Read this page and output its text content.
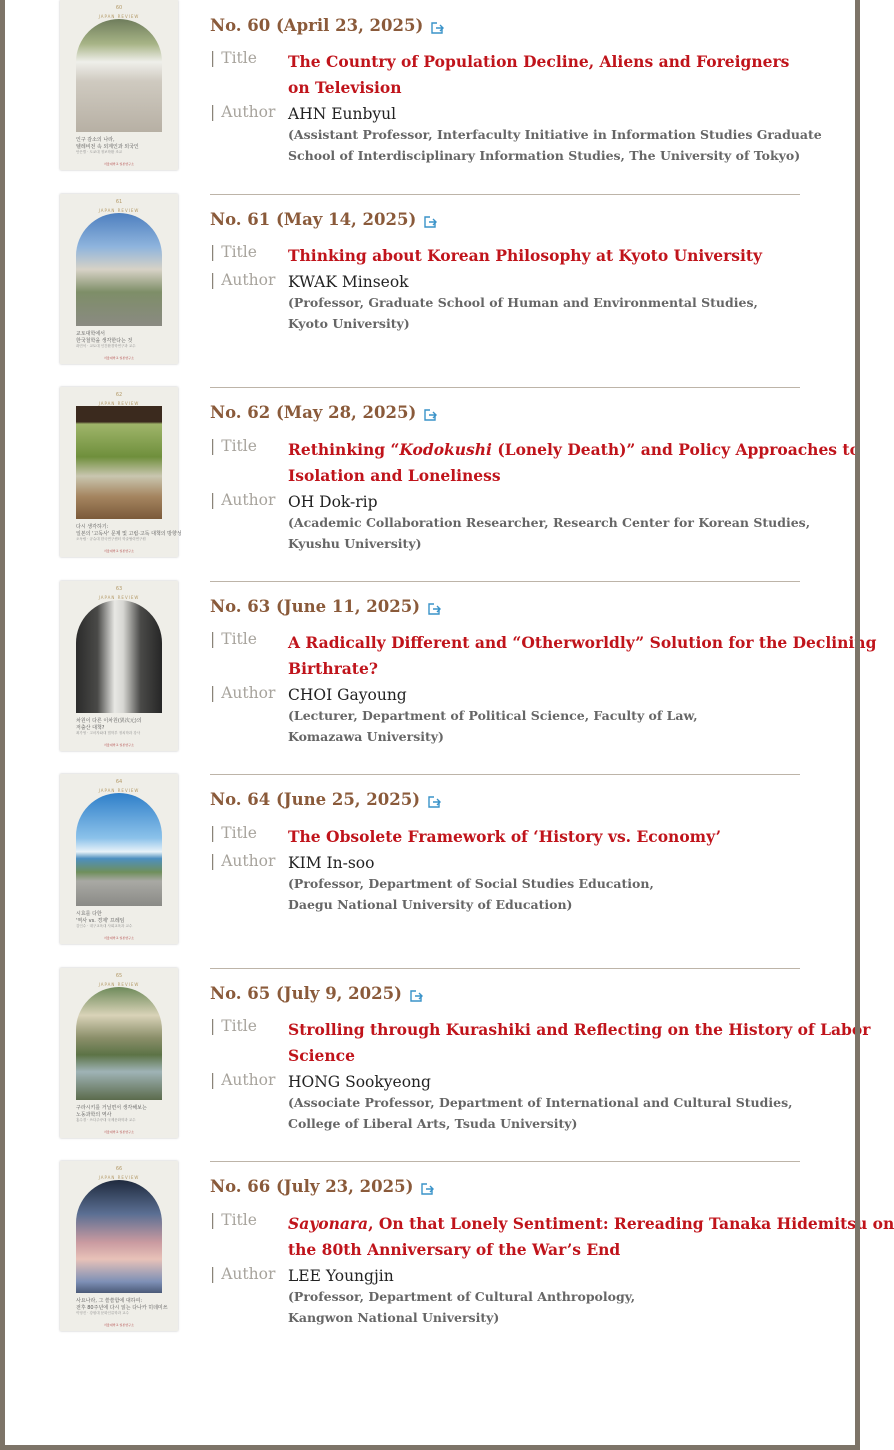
60
JAPAN REVIEW
인구 감소의 나라,
텔레비전 속 외계인과 외국인
안은별 · 도쿄대 정보학환 조교
서울대학교 일본연구소
No. 60 (April 23, 2025)
| Title	The Country of Population Decline, Aliens and Foreigners
on Television
| Author AHN Eunbyul
(Assistant Professor, Interfaculty Initiative in Information Studies Graduate
School of Interdisciplinary Information Studies, The University of Tokyo)
61
JAPAN REVIEW
교토대학에서
한국철학을 생각한다는 것
곽민석 · 교토대 인간환경학연구과 교수
서울대학교 일본연구소
No. 61 (May 14, 2025)
| Title	Thinking about Korean Philosophy at Kyoto University
| Author KWAK Minseok
(Professor, Graduate School of Human and Environmental Studies,
Kyoto University)
62
JAPAN REVIEW
다시 생각하기:
일본의 '고독사' 문제 및 고립·고독 대책의 방향성
오독립 · 규슈대 한국연구센터 학술협력연구원
서울대학교 일본연구소
No. 62 (May 28, 2025)
| Title	Rethinking “Kodokushi (Lonely Death)” and Policy Approaches to
Isolation and Loneliness
| Author OH Dok-rip
(Academic Collaboration Researcher, Research Center for Korean Studies,
Kyushu University)
63
JAPAN REVIEW
차원이 다른 이차원(異次元)의
저출산 대책?
최가영 · 고마자와대 법학부 정치학과 강사
서울대학교 일본연구소
No. 63 (June 11, 2025)
| Title	A Radically Different and “Otherworldly” Solution for the Declining
Birthrate?
| Author CHOI Gayoung
(Lecturer, Department of Political Science, Faculty of Law,
Komazawa University)
64
JAPAN REVIEW
시효를 다한
'역사 vs. 경제' 프레임
김인수 · 대구교육대 사회교육과 교수
서울대학교 일본연구소
No. 64 (June 25, 2025)
| Title	The Obsolete Framework of ‘History vs. Economy’
| Author KIM In-soo
(Professor, Department of Social Studies Education,
Daegu National University of Education)
65
JAPAN REVIEW
구라시키를 거닐면서 생각해보는
노동과학의 역사
홍수경 · 쓰다주쿠대 국제문화학과 교수
서울대학교 일본연구소
No. 65 (July 9, 2025)
| Title	Strolling through Kurashiki and Reflecting on the History of Labor
Science
| Author HONG Sookyeong
(Associate Professor, Department of International and Cultural Studies,
College of Liberal Arts, Tsuda University)
66
JAPAN REVIEW
사요나라, 그 쓸쓸함에 대하여:
전후 80주년에 다시 읽는 다나카 히데미쓰
이영진 · 강원대 문화인류학과 교수
서울대학교 일본연구소
No. 66 (July 23, 2025)
| Title	Sayonara, On that Lonely Sentiment: Rereading Tanaka Hidemitsu on
the 80th Anniversary of the War’s End
| Author LEE Youngjin
(Professor, Department of Cultural Anthropology,
Kangwon National University)
